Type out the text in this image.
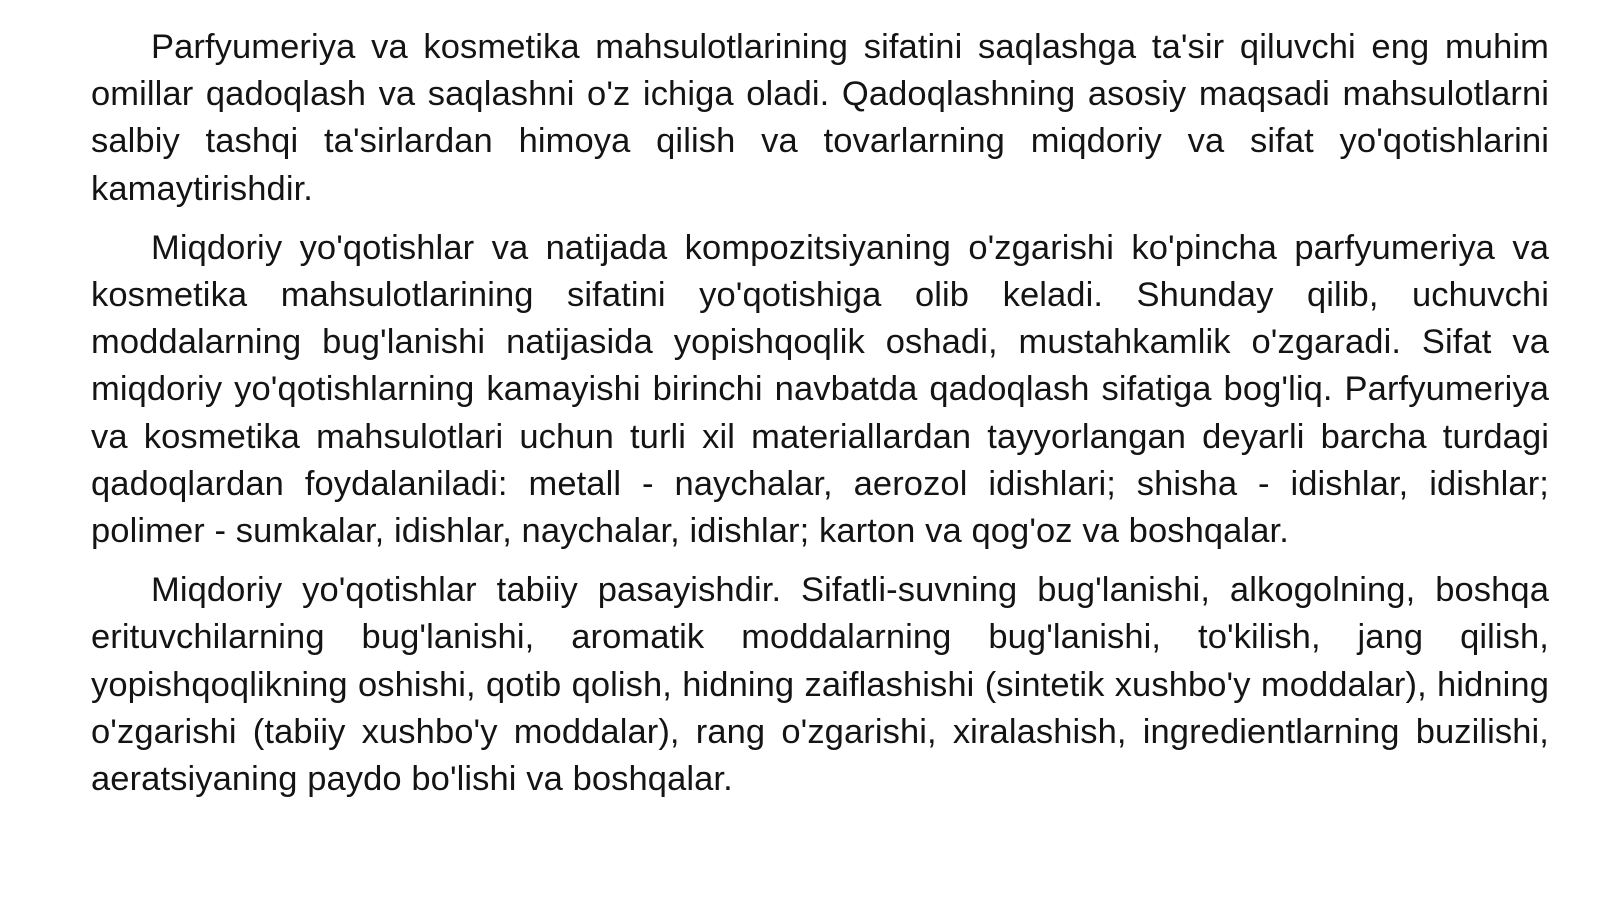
Parfyumeriya va kosmetika mahsulotlarining sifatini saqlashga ta'sir qiluvchi eng muhim omillar qadoqlash va saqlashni o'z ichiga oladi. Qadoqlashning asosiy maqsadi mahsulotlarni salbiy tashqi ta'sirlardan himoya qilish va tovarlarning miqdoriy va sifat yo'qotishlarini kamaytirishdir.

Miqdoriy yo'qotishlar va natijada kompozitsiyaning o'zgarishi ko'pincha parfyumeriya va kosmetika mahsulotlarining sifatini yo'qotishiga olib keladi. Shunday qilib, uchuvchi moddalarning bug'lanishi natijasida yopishqoqlik oshadi, mustahkamlik o'zgaradi. Sifat va miqdoriy yo'qotishlarning kamayishi birinchi navbatda qadoqlash sifatiga bog'liq. Parfyumeriya va kosmetika mahsulotlari uchun turli xil materiallardan tayyorlangan deyarli barcha turdagi qadoqlardan foydalaniladi: metall - naychalar, aerozol idishlari; shisha - idishlar, idishlar; polimer - sumkalar, idishlar, naychalar, idishlar; karton va qog'oz va boshqalar.

Miqdoriy yo'qotishlar tabiiy pasayishdir. Sifatli-suvning bug'lanishi, alkogolning, boshqa erituvchilarning bug'lanishi, aromatik moddalarning bug'lanishi, to'kilish, jang qilish, yopishqoqlikning oshishi, qotib qolish, hidning zaiflashishi (sintetik xushbo'y moddalar), hidning o'zgarishi (tabiiy xushbo'y moddalar), rang o'zgarishi, xiralashish, ingredientlarning buzilishi, aeratsiyaning paydo bo'lishi va boshqalar.
